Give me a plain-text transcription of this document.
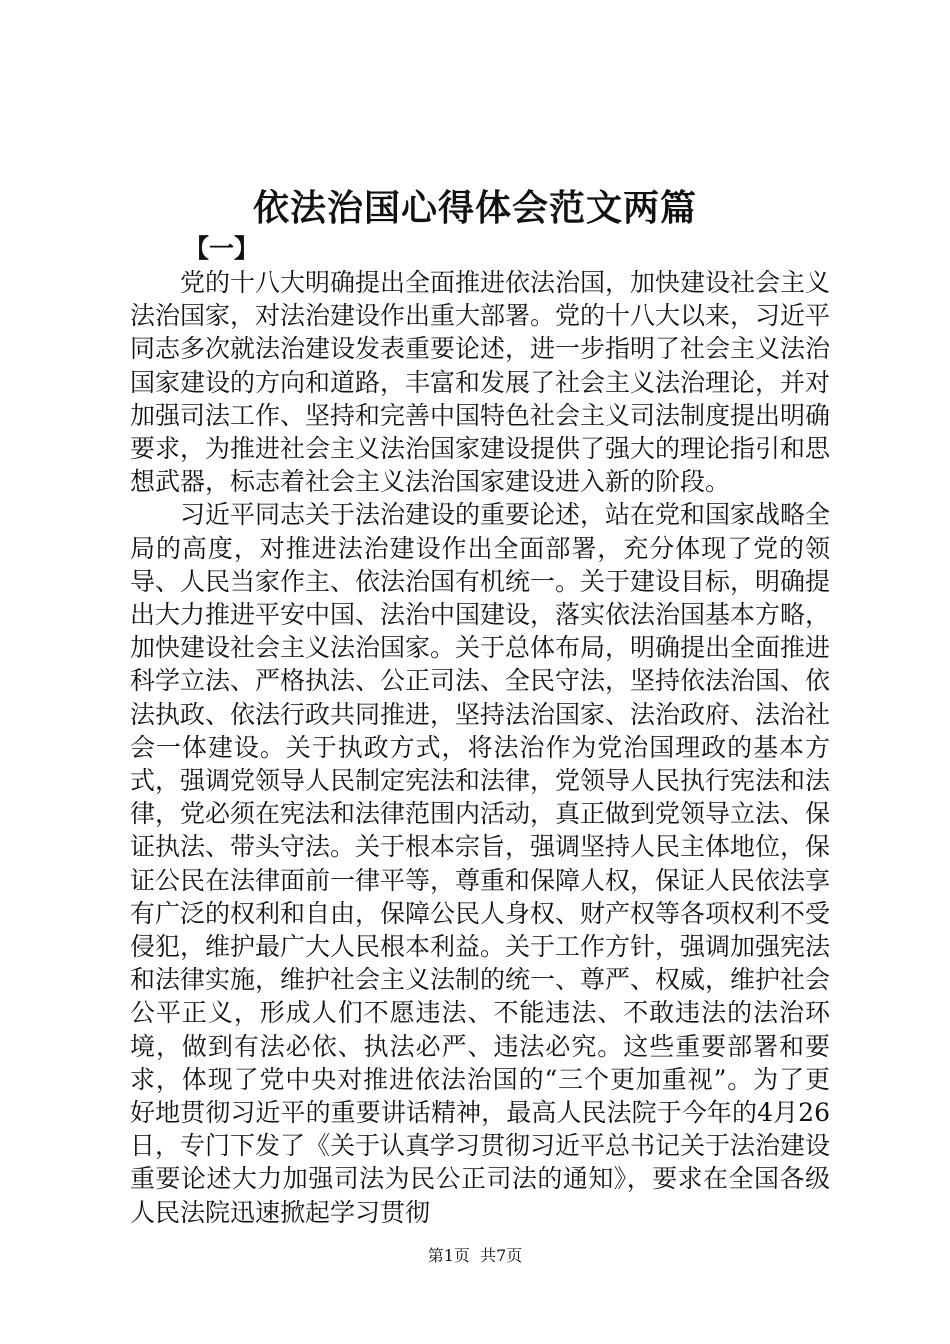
依法治国心得体会范文两篇
【一】

党的十八大明确提出全面推进依法治国，加快建设社会主义法治国家，对法治建设作出重大部署。党的十八大以来，习近平同志多次就法治建设发表重要论述，进一步指明了社会主义法治国家建设的方向和道路，丰富和发展了社会主义法治理论，并对加强司法工作、坚持和完善中国特色社会主义司法制度提出明确要求，为推进社会主义法治国家建设提供了强大的理论指引和思想武器，标志着社会主义法治国家建设进入新的阶段。

习近平同志关于法治建设的重要论述，站在党和国家战略全局的高度，对推进法治建设作出全面部署，充分体现了党的领导、人民当家作主、依法治国有机统一。关于建设目标，明确提出大力推进平安中国、法治中国建设，落实依法治国基本方略，加快建设社会主义法治国家。关于总体布局，明确提出全面推进科学立法、严格执法、公正司法、全民守法，坚持依法治国、依法执政、依法行政共同推进，坚持法治国家、法治政府、法治社会一体建设。关于执政方式，将法治作为党治国理政的基本方式，强调党领导人民制定宪法和法律，党领导人民执行宪法和法律，党必须在宪法和法律范围内活动，真正做到党领导立法、保证执法、带头守法。关于根本宗旨，强调坚持人民主体地位，保证公民在法律面前一律平等，尊重和保障人权，保证人民依法享有广泛的权利和自由，保障公民人身权、财产权等各项权利不受侵犯，维护最广大人民根本利益。关于工作方针，强调加强宪法和法律实施，维护社会主义法制的统一、尊严、权威，维护社会公平正义，形成人们不愿违法、不能违法、不敢违法的法治环境，做到有法必依、执法必严、违法必究。这些重要部署和要求，体现了党中央对推进依法治国的“三个更加重视”。为了更好地贯彻习近平的重要讲话精神，最高人民法院于今年的4月26日，专门下发了《关于认真学习贯彻习近平总书记关于法治建设重要论述大力加强司法为民公正司法的通知》，要求在全国各级人民法院迅速掀起学习贯彻

第1页  共7页
